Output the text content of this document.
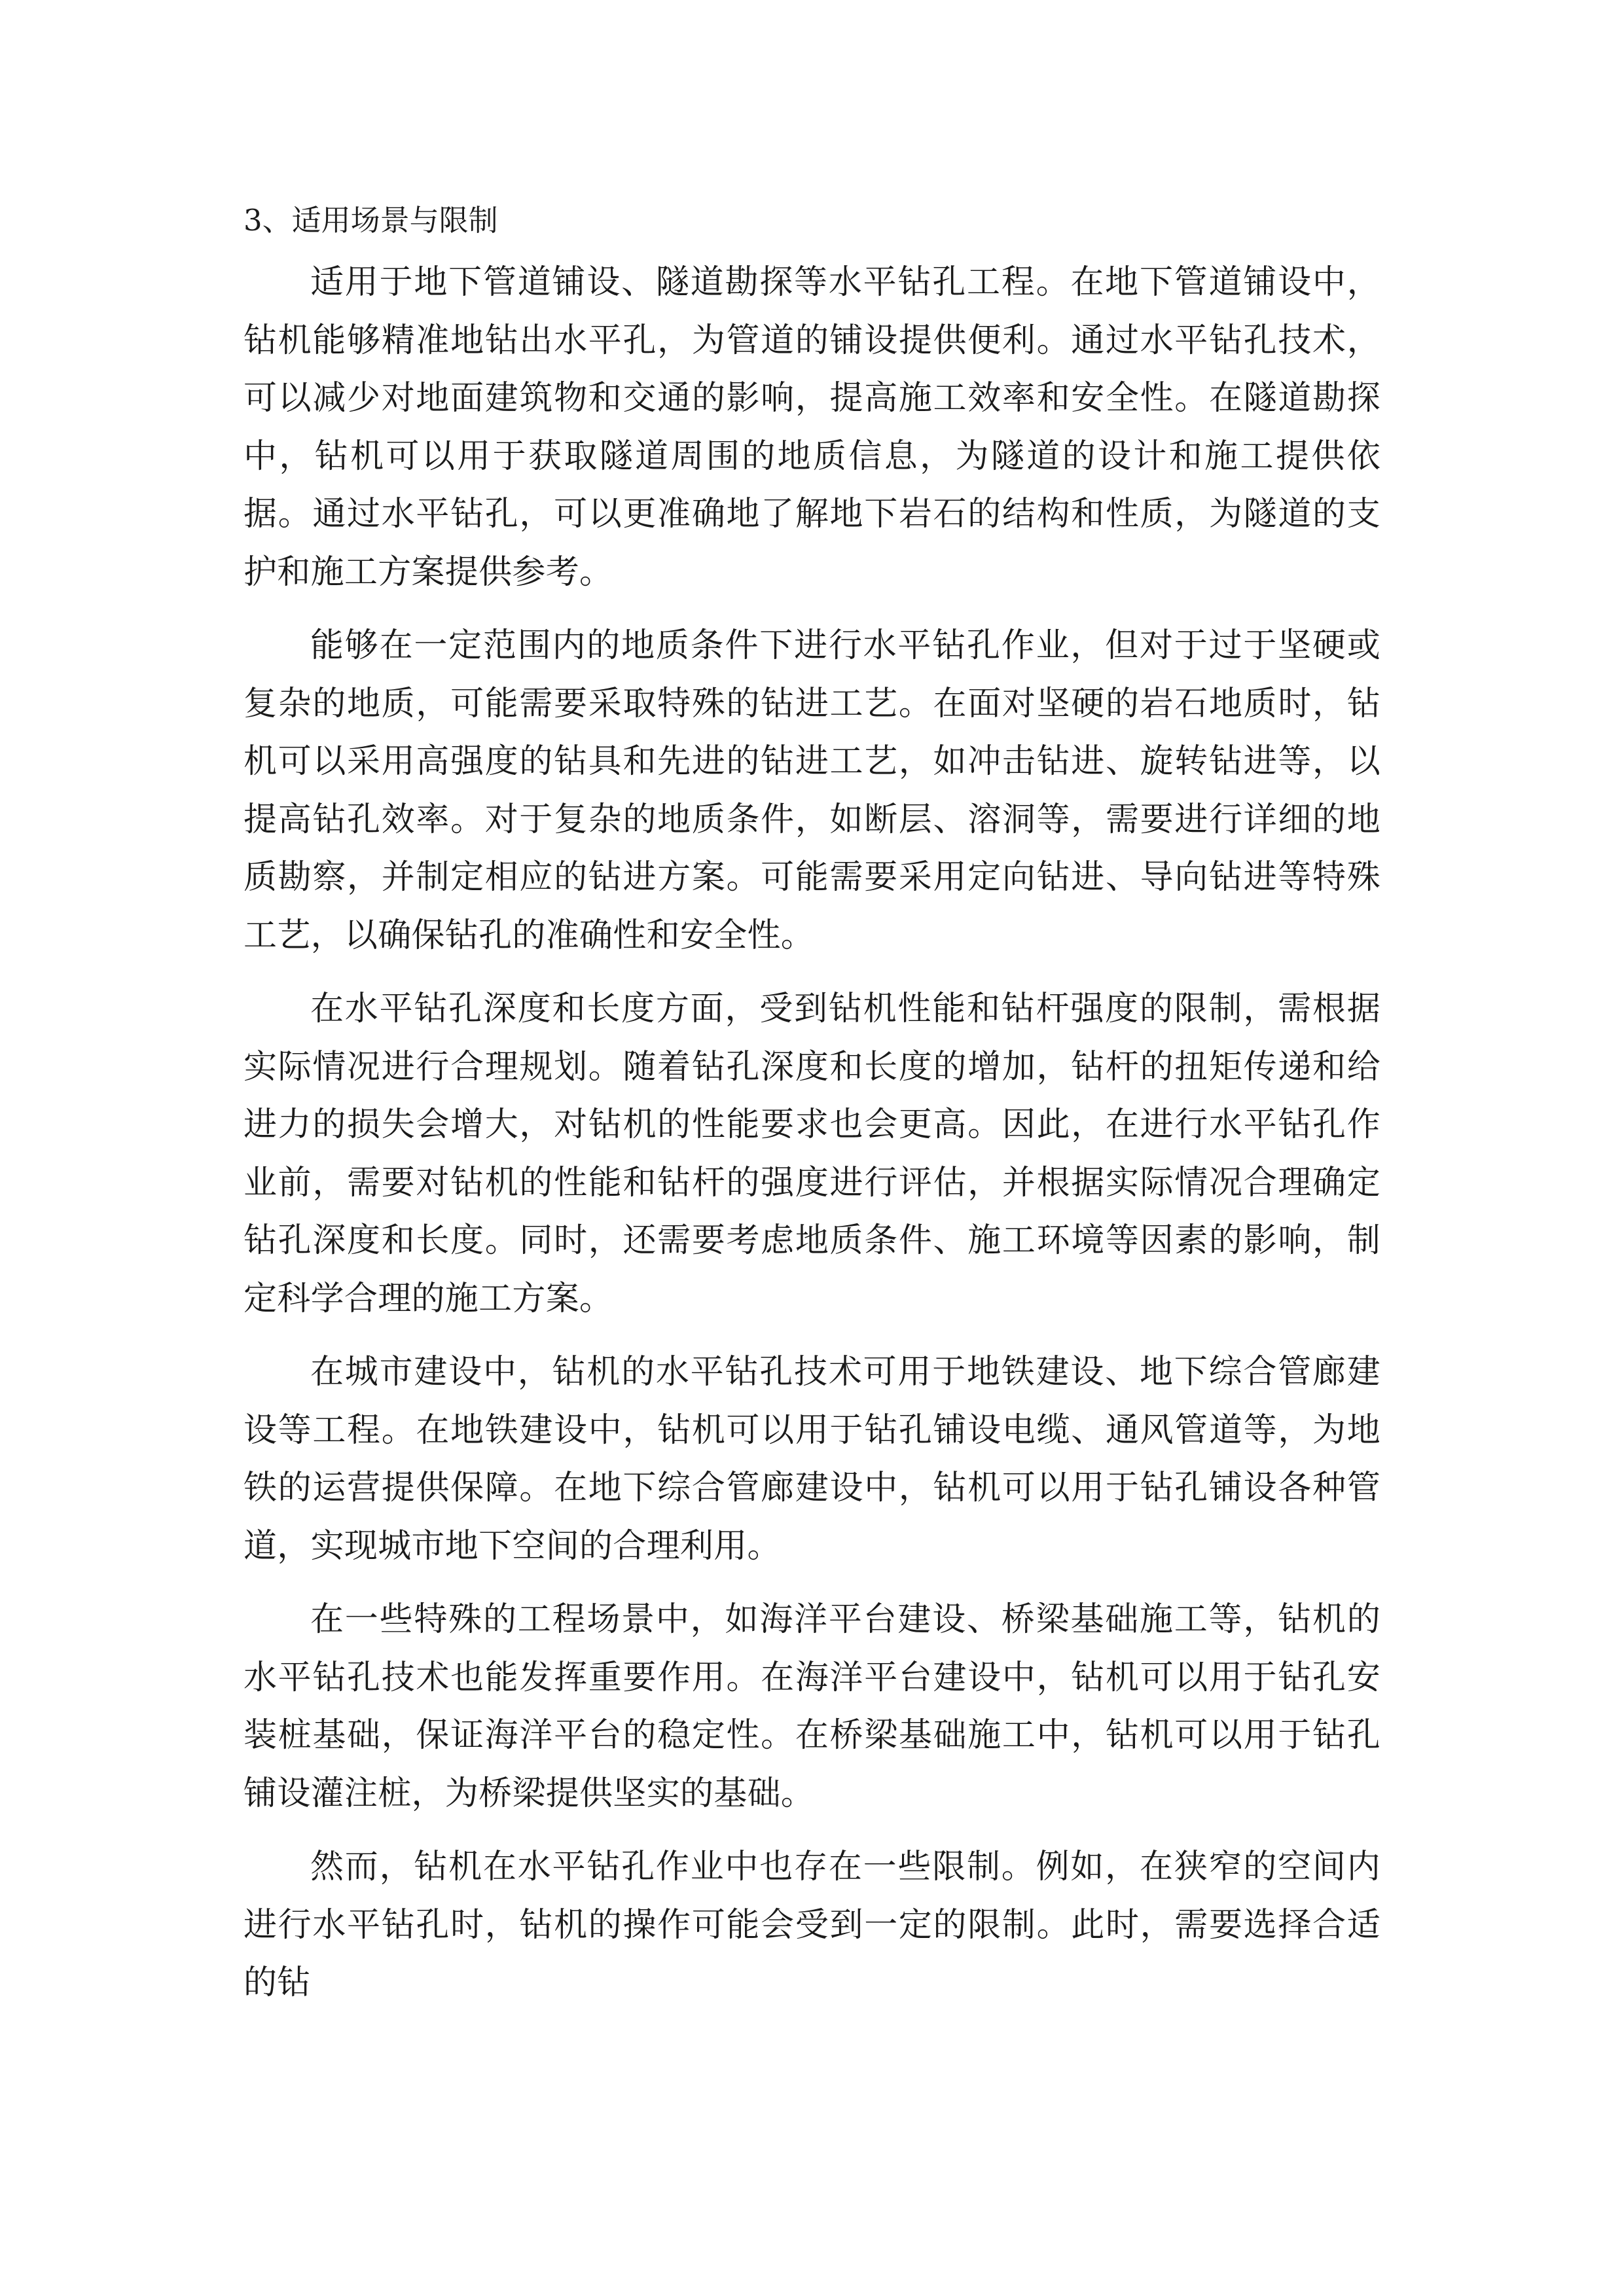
3、适用场景与限制

适用于地下管道铺设、隧道勘探等水平钻孔工程。在地下管道铺设中，钻机能够精准地钻出水平孔，为管道的铺设提供便利。通过水平钻孔技术，可以减少对地面建筑物和交通的影响，提高施工效率和安全性。在隧道勘探中，钻机可以用于获取隧道周围的地质信息，为隧道的设计和施工提供依据。通过水平钻孔，可以更准确地了解地下岩石的结构和性质，为隧道的支护和施工方案提供参考。

能够在一定范围内的地质条件下进行水平钻孔作业，但对于过于坚硬或复杂的地质，可能需要采取特殊的钻进工艺。在面对坚硬的岩石地质时，钻机可以采用高强度的钻具和先进的钻进工艺，如冲击钻进、旋转钻进等，以提高钻孔效率。对于复杂的地质条件，如断层、溶洞等，需要进行详细的地质勘察，并制定相应的钻进方案。可能需要采用定向钻进、导向钻进等特殊工艺，以确保钻孔的准确性和安全性。

在水平钻孔深度和长度方面，受到钻机性能和钻杆强度的限制，需根据实际情况进行合理规划。随着钻孔深度和长度的增加，钻杆的扭矩传递和给进力的损失会增大，对钻机的性能要求也会更高。因此，在进行水平钻孔作业前，需要对钻机的性能和钻杆的强度进行评估，并根据实际情况合理确定钻孔深度和长度。同时，还需要考虑地质条件、施工环境等因素的影响，制定科学合理的施工方案。

在城市建设中，钻机的水平钻孔技术可用于地铁建设、地下综合管廊建设等工程。在地铁建设中，钻机可以用于钻孔铺设电缆、通风管道等，为地铁的运营提供保障。在地下综合管廊建设中，钻机可以用于钻孔铺设各种管道，实现城市地下空间的合理利用。

在一些特殊的工程场景中，如海洋平台建设、桥梁基础施工等，钻机的水平钻孔技术也能发挥重要作用。在海洋平台建设中，钻机可以用于钻孔安装桩基础，保证海洋平台的稳定性。在桥梁基础施工中，钻机可以用于钻孔铺设灌注桩，为桥梁提供坚实的基础。

然而，钻机在水平钻孔作业中也存在一些限制。例如，在狭窄的空间内进行水平钻孔时，钻机的操作可能会受到一定的限制。此时，需要选择合适的钻
